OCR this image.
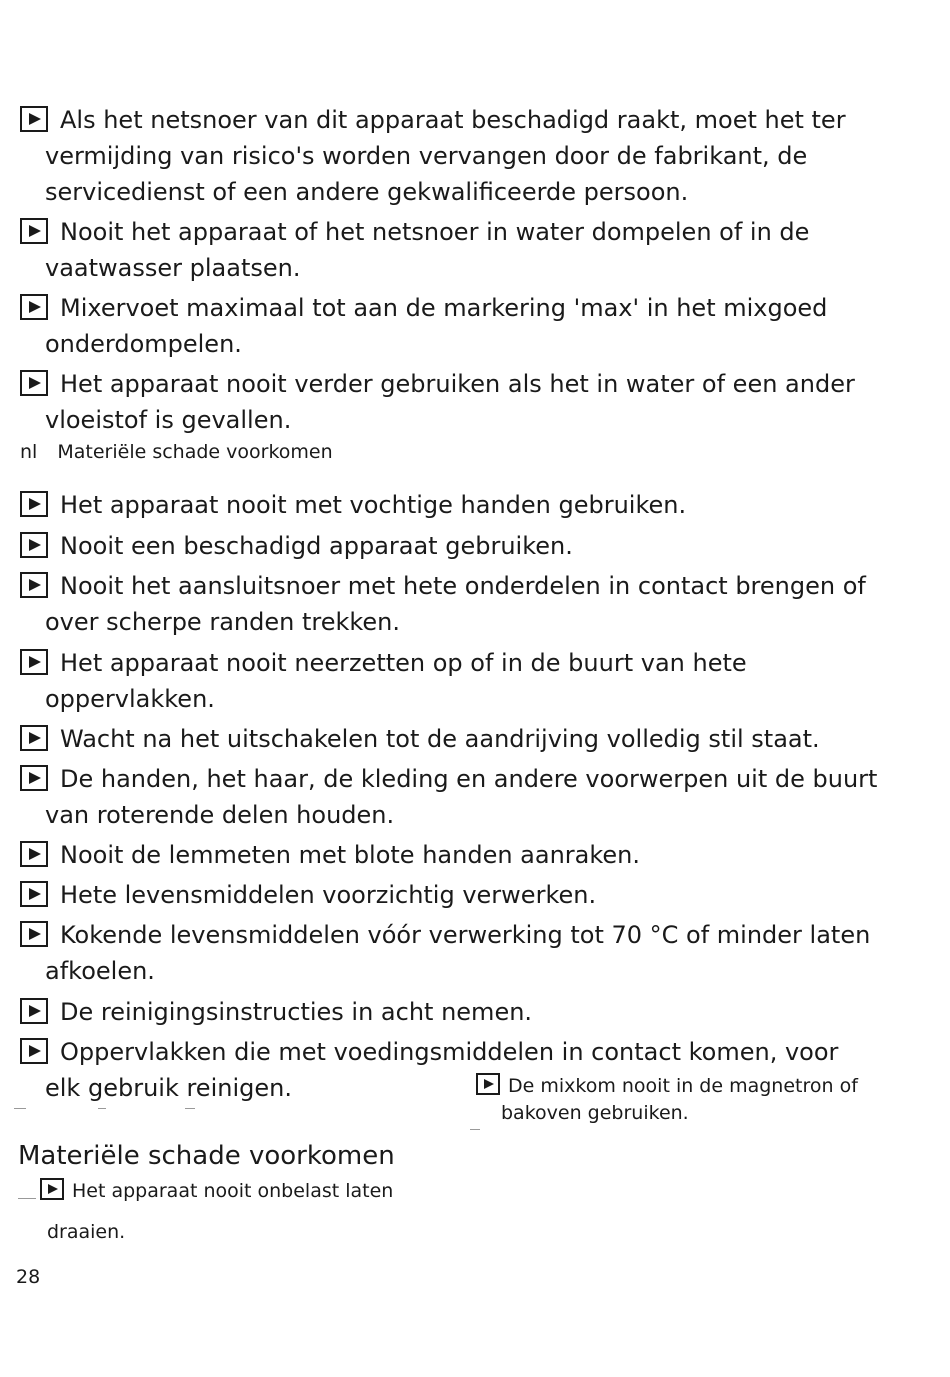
Als het netsnoer van dit apparaat beschadigd raakt, moet het ter
vermijding van risico's worden vervangen door de fabrikant, de
servicedienst of een andere gekwalificeerde persoon.
Nooit het apparaat of het netsnoer in water dompelen of in de
vaatwasser plaatsen.
Mixervoet maximaal tot aan de markering 'max' in het mixgoed
onderdompelen.
Het apparaat nooit verder gebruiken als het in water of een ander
vloeistof is gevallen.
nl Materiële schade voorkomen
Het apparaat nooit met vochtige handen gebruiken.
Nooit een beschadigd apparaat gebruiken.
Nooit het aansluitsnoer met hete onderdelen in contact brengen of
over scherpe randen trekken.
Het apparaat nooit neerzetten op of in de buurt van hete
oppervlakken.
Wacht na het uitschakelen tot de aandrijving volledig stil staat.
De handen, het haar, de kleding en andere voorwerpen uit de buurt
van roterende delen houden.
Nooit de lemmeten met blote handen aanraken.
Hete levensmiddelen voorzichtig verwerken.
Kokende levensmiddelen vóór verwerking tot 70 °C of minder laten
afkoelen.
De reinigingsinstructies in acht nemen.
Oppervlakken die met voedingsmiddelen in contact komen, voor
elk gebruik reinigen.	De mixkom nooit in de magnetron of
bakoven gebruiken.
Materiële schade voorkomen
Het apparaat nooit onbelast laten
draaien.
28
